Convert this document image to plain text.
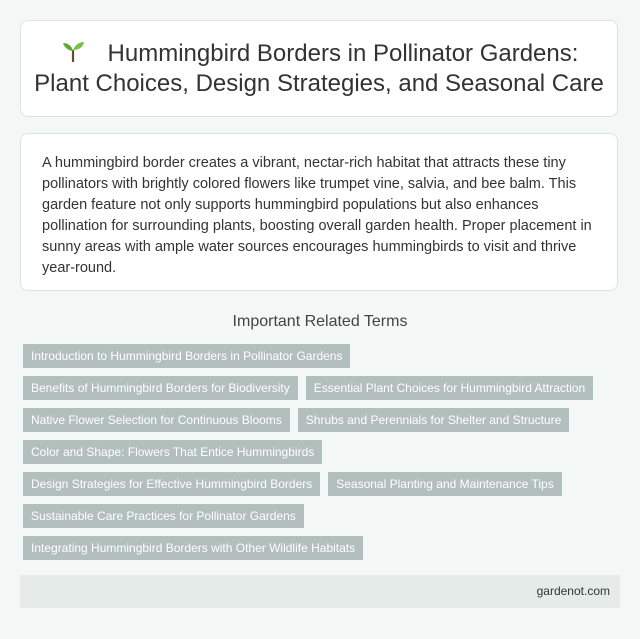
Hummingbird Borders in Pollinator Gardens:
Plant Choices, Design Strategies, and Seasonal Care

A hummingbird border creates a vibrant, nectar-rich habitat that attracts these tiny pollinators with brightly colored flowers like trumpet vine, salvia, and bee balm. This garden feature not only supports hummingbird populations but also enhances pollination for surrounding plants, boosting overall garden health. Proper placement in sunny areas with ample water sources encourages hummingbirds to visit and thrive year-round.

Important Related Terms
Introduction to Hummingbird Borders in Pollinator Gardens
Benefits of Hummingbird Borders for Biodiversity	Essential Plant Choices for Hummingbird Attraction
Native Flower Selection for Continuous Blooms	Shrubs and Perennials for Shelter and Structure
Color and Shape: Flowers That Entice Hummingbirds
Design Strategies for Effective Hummingbird Borders	Seasonal Planting and Maintenance Tips
Sustainable Care Practices for Pollinator Gardens
Integrating Hummingbird Borders with Other Wildlife Habitats
gardenot.com
